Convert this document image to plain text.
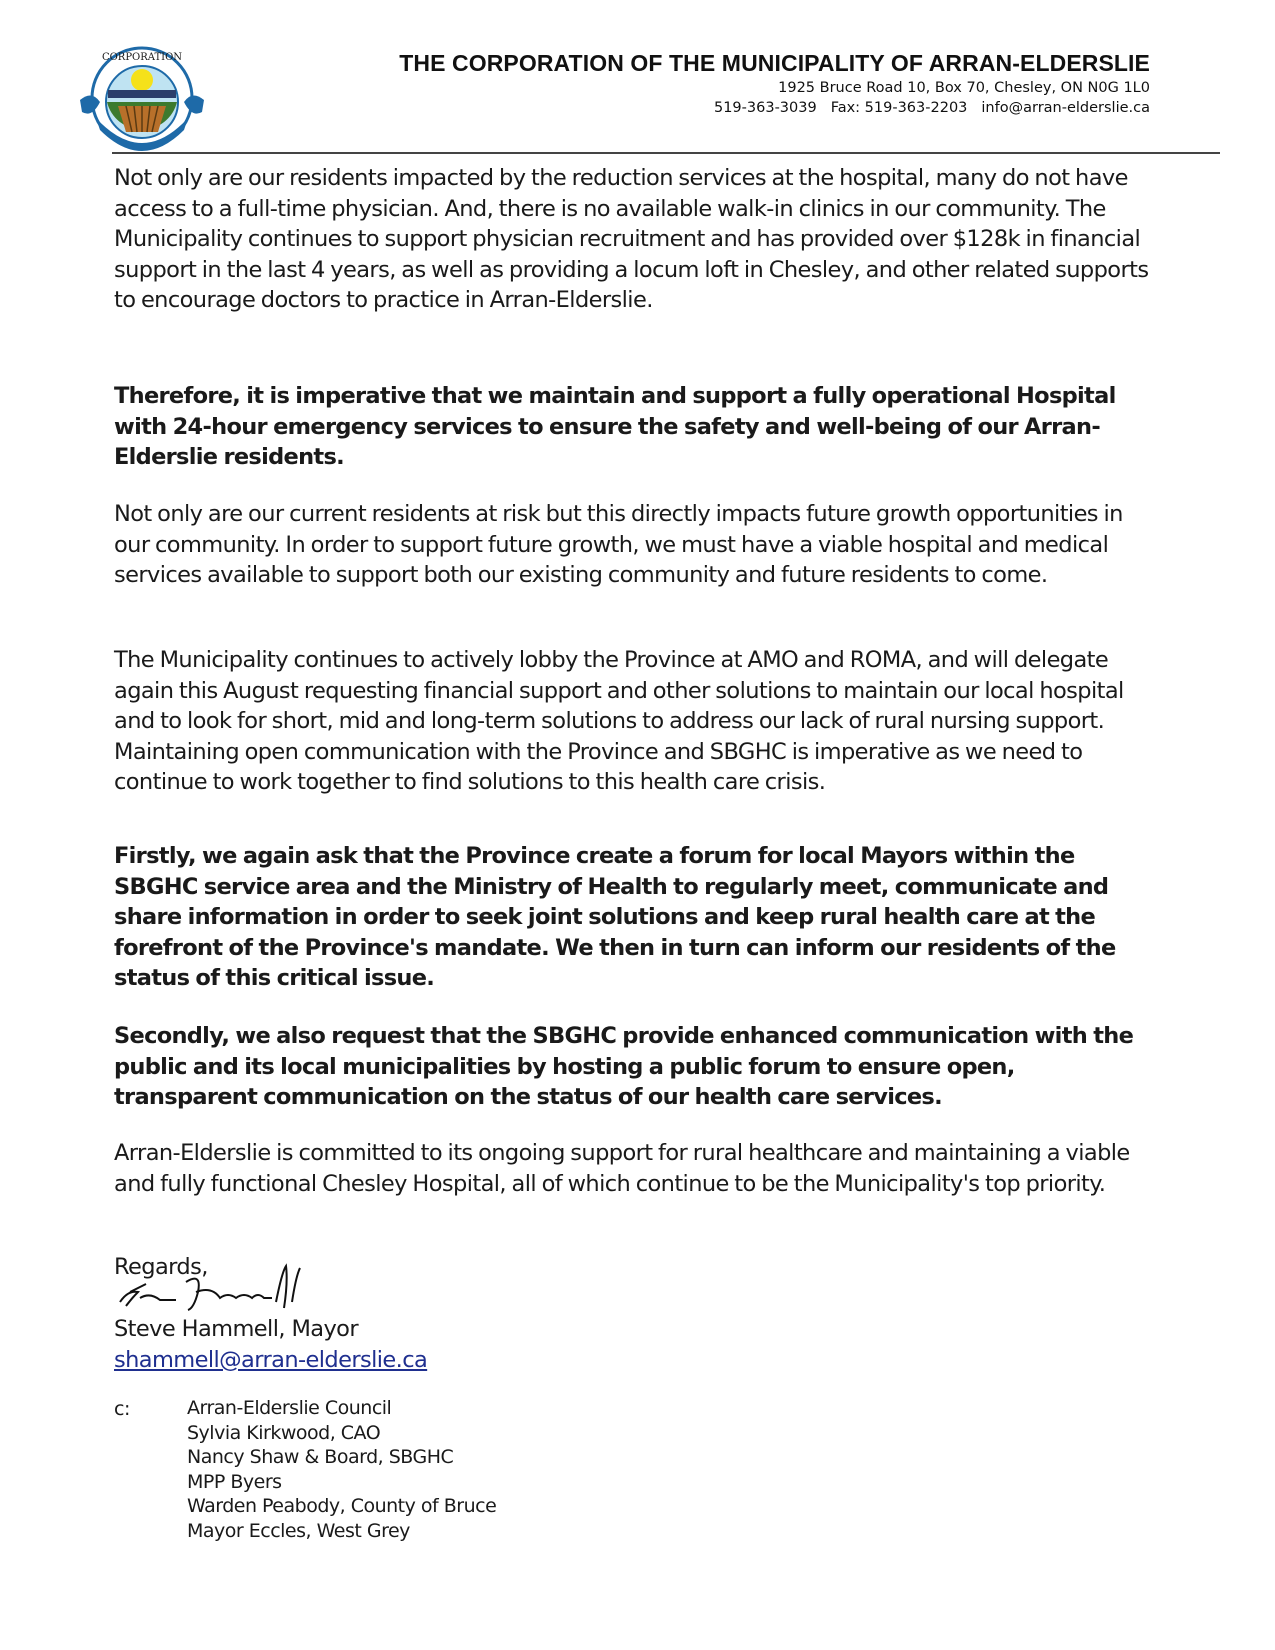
CORPORATION	THE CORPORATION OF THE MUNICIPALITY OF ARRAN-ELDERSLIE
1925 Bruce Road 10, Box 70, Chesley, ON N0G 1L0
519-363-3039 Fax: 519-363-2203 info@arran-elderslie.ca

Not only are our residents impacted by the reduction services at the hospital, many do not have access to a full-time physician. And, there is no available walk-in clinics in our community. The Municipality continues to support physician recruitment and has provided over $128k in financial support in the last 4 years, as well as providing a locum loft in Chesley, and other related supports to encourage doctors to practice in Arran-Elderslie.

Therefore, it is imperative that we maintain and support a fully operational Hospital with 24-hour emergency services to ensure the safety and well-being of our Arran-Elderslie residents.

Not only are our current residents at risk but this directly impacts future growth opportunities in our community. In order to support future growth, we must have a viable hospital and medical services available to support both our existing community and future residents to come.

The Municipality continues to actively lobby the Province at AMO and ROMA, and will delegate again this August requesting financial support and other solutions to maintain our local hospital and to look for short, mid and long-term solutions to address our lack of rural nursing support. Maintaining open communication with the Province and SBGHC is imperative as we need to continue to work together to find solutions to this health care crisis.

Firstly, we again ask that the Province create a forum for local Mayors within the SBGHC service area and the Ministry of Health to regularly meet, communicate and share information in order to seek joint solutions and keep rural health care at the forefront of the Province's mandate. We then in turn can inform our residents of the status of this critical issue.

Secondly, we also request that the SBGHC provide enhanced communication with the public and its local municipalities by hosting a public forum to ensure open, transparent communication on the status of our health care services.

Arran-Elderslie is committed to its ongoing support for rural healthcare and maintaining a viable and fully functional Chesley Hospital, all of which continue to be the Municipality's top priority.

Regards,
Steve Hammell, Mayor
shammell@arran-elderslie.ca
c:	Arran-Elderslie Council
Sylvia Kirkwood, CAO
Nancy Shaw & Board, SBGHC
MPP Byers
Warden Peabody, County of Bruce
Mayor Eccles, West Grey
